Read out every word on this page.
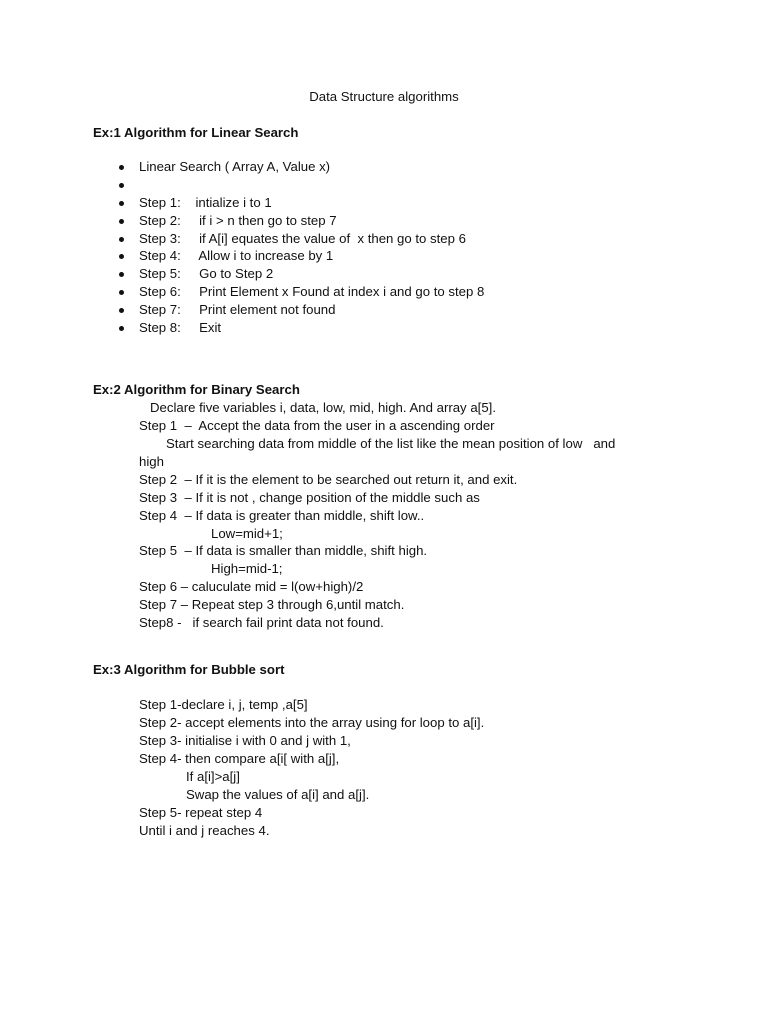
Data Structure algorithms
Ex:1 Algorithm for Linear Search
Linear Search ( Array A, Value x)
Step 1:    intialize i to 1
Step 2:     if i > n then go to step 7
Step 3:     if A[i] equates the value of  x then go to step 6
Step 4:     Allow i to increase by 1
Step 5:     Go to Step 2
Step 6:     Print Element x Found at index i and go to step 8
Step 7:     Print element not found
Step 8:     Exit
Ex:2 Algorithm for Binary Search
Declare five variables i, data, low, mid, high. And array a[5].
Step 1  –  Accept the data from the user in a ascending order
Start searching data from middle of the list like the mean position of low   and
high
Step 2  – If it is the element to be searched out return it, and exit.
Step 3  – If it is not , change position of the middle such as
Step 4  – If data is greater than middle, shift low..
Low=mid+1;
Step 5  – If data is smaller than middle, shift high.
High=mid-1;
Step 6 – caluculate mid = l(ow+high)/2
Step 7 – Repeat step 3 through 6,until match.
Step8 -   if search fail print data not found.
Ex:3 Algorithm for Bubble sort
Step 1-declare i, j, temp ,a[5]
Step 2- accept elements into the array using for loop to a[i].
Step 3- initialise i with 0 and j with 1,
Step 4- then compare a[i[ with a[j],
If a[i]>a[j]
Swap the values of a[i] and a[j].
Step 5- repeat step 4
Until i and j reaches 4.
